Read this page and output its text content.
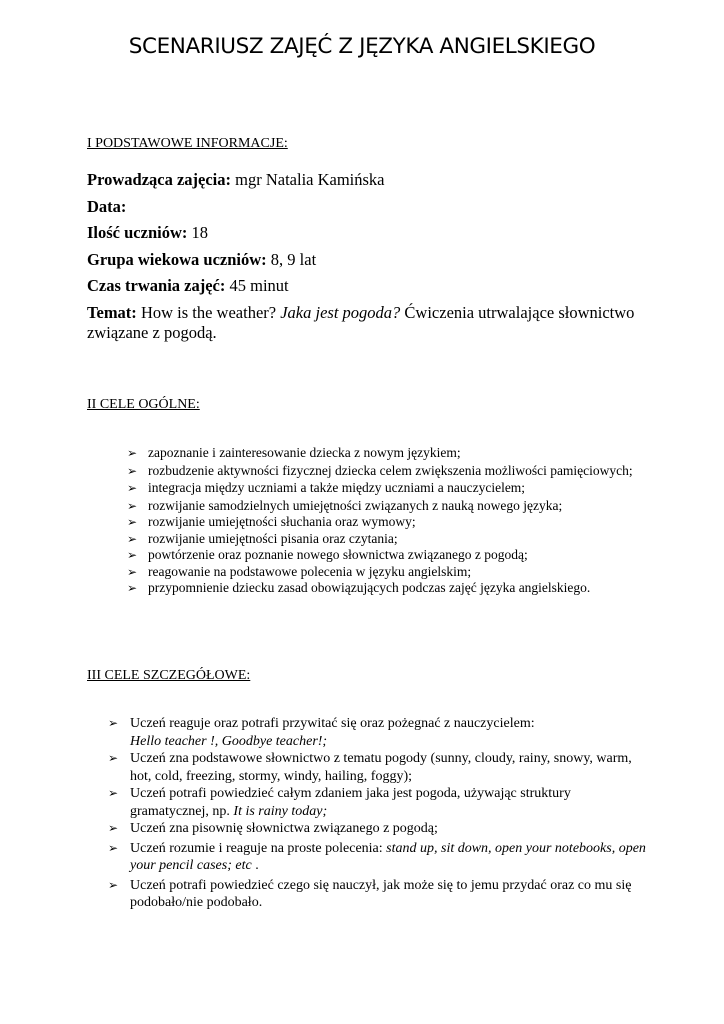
SCENARIUSZ ZAJĘĆ Z JĘZYKA ANGIELSKIEGO
I PODSTAWOWE INFORMACJE:
Prowadząca zajęcia: mgr Natalia Kamińska
Data:
Ilość uczniów: 18
Grupa wiekowa uczniów: 8, 9 lat
Czas trwania zajęć: 45 minut
Temat: How is the weather? Jaka jest pogoda? Ćwiczenia utrwalające słownictwo związane z pogodą.
II CELE OGÓLNE:
➢ zapoznanie i zainteresowanie dziecka z nowym językiem;
➢ rozbudzenie aktywności fizycznej dziecka celem zwiększenia możliwości pamięciowych;
➢ integracja między uczniami a także między uczniami a nauczycielem;
➢ rozwijanie samodzielnych umiejętności związanych z nauką nowego języka;
➢ rozwijanie umiejętności słuchania oraz wymowy;
➢ rozwijanie umiejętności pisania oraz czytania;
➢ powtórzenie oraz poznanie nowego słownictwa związanego z pogodą;
➢ reagowanie na podstawowe polecenia w języku angielskim;
➢ przypomnienie dziecku zasad obowiązujących podczas zajęć języka angielskiego.
III CELE SZCZEGÓŁOWE:
➢ Uczeń reaguje oraz potrafi przywitać się oraz pożegnać z nauczycielem:
Hello teacher !, Goodbye teacher!;
➢ Uczeń zna podstawowe słownictwo z tematu pogody (sunny, cloudy, rainy, snowy, warm, hot, cold, freezing, stormy, windy, hailing, foggy);
➢ Uczeń potrafi powiedzieć całym zdaniem jaka jest pogoda, używając struktury gramatycznej, np. It is rainy today;
➢ Uczeń zna pisownię słownictwa związanego z pogodą;
➢ Uczeń rozumie i reaguje na proste polecenia: stand up, sit down, open your notebooks, open your pencil cases; etc .
➢ Uczeń potrafi powiedzieć czego się nauczył, jak może się to jemu przydać oraz co mu się podobało/nie podobało.
